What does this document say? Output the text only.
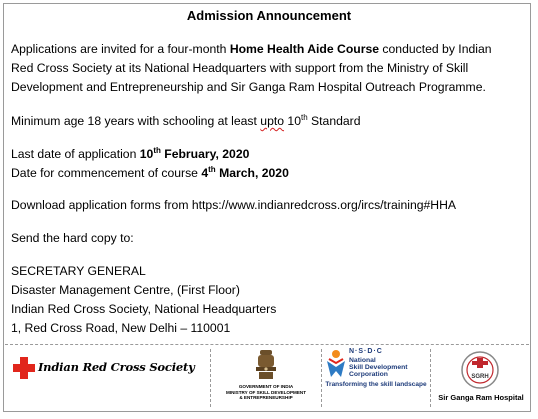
Admission Announcement
Applications are invited for a four-month Home Health Aide Course conducted by Indian
Red Cross Society at its National Headquarters with support from the Ministry of Skill
Development and Entrepreneurship and Sir Ganga Ram Hospital Outreach Programme.
Minimum age 18 years with schooling at least upto 10th Standard
Last date of application 10th February, 2020
Date for commencement of course 4th March, 2020
Download application forms from https://www.indianredcross.org/ircs/training#HHA
Send the hard copy to:
SECRETARY GENERAL
Disaster Management Centre, (First Floor)
Indian Red Cross Society, National Headquarters
1, Red Cross Road, New Delhi – 110001
Indian Red Cross Society
GOVERNMENT OF INDIA
MINISTRY OF SKILL DEVELOPMENT
& ENTREPRENEURSHIP
N·S·D·C
National
Skill Development
Corporation
Transforming the skill landscape
SGRH
Sir Ganga Ram Hospital
